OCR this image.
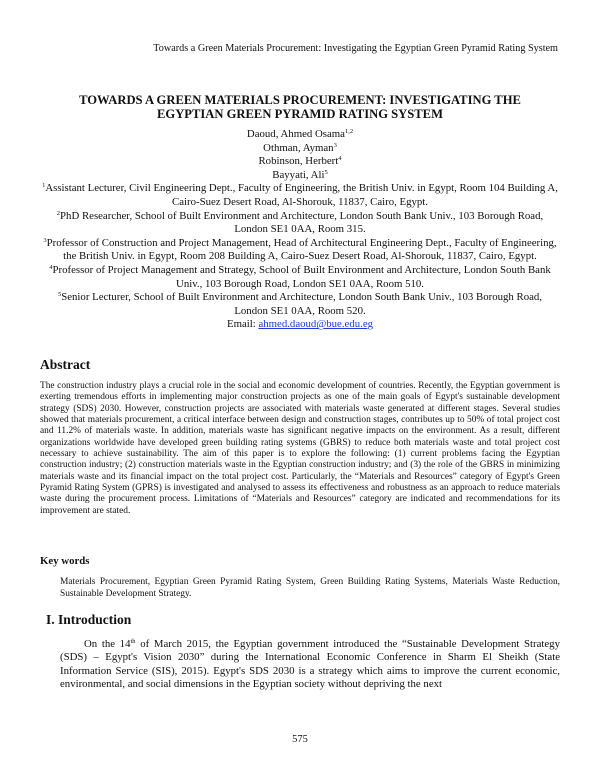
Towards a Green Materials Procurement: Investigating the Egyptian Green Pyramid Rating System
TOWARDS A GREEN MATERIALS PROCUREMENT: INVESTIGATING THE
EGYPTIAN GREEN PYRAMID RATING SYSTEM
Daoud, Ahmed Osama$^{1,2}$
Othman, Ayman$^3$
Robinson, Herbert$^4$
Bayyati, Ali$^5$
$^1$Assistant Lecturer, Civil Engineering Dept., Faculty of Engineering, the British Univ. in Egypt, Room 104 Building A, Cairo-Suez Desert Road, Al-Shorouk, 11837, Cairo, Egypt.
$^2$PhD Researcher, School of Built Environment and Architecture, London South Bank Univ., 103 Borough Road, London SE1 0AA, Room 315.
$^3$Professor of Construction and Project Management, Head of Architectural Engineering Dept., Faculty of Engineering, the British Univ. in Egypt, Room 208 Building A, Cairo-Suez Desert Road, Al-Shorouk, 11837, Cairo, Egypt.
$^4$Professor of Project Management and Strategy, School of Built Environment and Architecture, London South Bank Univ., 103 Borough Road, London SE1 0AA, Room 510.
$^5$Senior Lecturer, School of Built Environment and Architecture, London South Bank Univ., 103 Borough Road, London SE1 0AA, Room 520.
Email: ahmed.daoud@bue.edu.eg
Abstract
The construction industry plays a crucial role in the social and economic development of countries. Recently, the Egyptian government is exerting tremendous efforts in implementing major construction projects as one of the main goals of Egypt's sustainable development strategy (SDS) 2030. However, construction projects are associated with materials waste generated at different stages. Several studies showed that materials procurement, a critical interface between design and construction stages, contributes up to 50% of total project cost and 11.2% of materials waste. In addition, materials waste has significant negative impacts on the environment. As a result, different organizations worldwide have developed green building rating systems (GBRS) to reduce both materials waste and total project cost necessary to achieve sustainability. The aim of this paper is to explore the following: (1) current problems facing the Egyptian construction industry; (2) construction materials waste in the Egyptian construction industry; and (3) the role of the GBRS in minimizing materials waste and its financial impact on the total project cost. Particularly, the “Materials and Resources” category of Egypt's Green Pyramid Rating System (GPRS) is investigated and analysed to assess its effectiveness and robustness as an approach to reduce materials waste during the procurement process. Limitations of “Materials and Resources” category are indicated and recommendations for its improvement are stated.
Key words
Materials Procurement, Egyptian Green Pyramid Rating System, Green Building Rating Systems, Materials Waste Reduction, Sustainable Development Strategy.
I. Introduction
On the 14th of March 2015, the Egyptian government introduced the “Sustainable Development Strategy (SDS) – Egypt's Vision 2030” during the International Economic Conference in Sharm El Sheikh (State Information Service (SIS), 2015). Egypt's SDS 2030 is a strategy which aims to improve the current economic, environmental, and social dimensions in the Egyptian society without depriving the next
575
